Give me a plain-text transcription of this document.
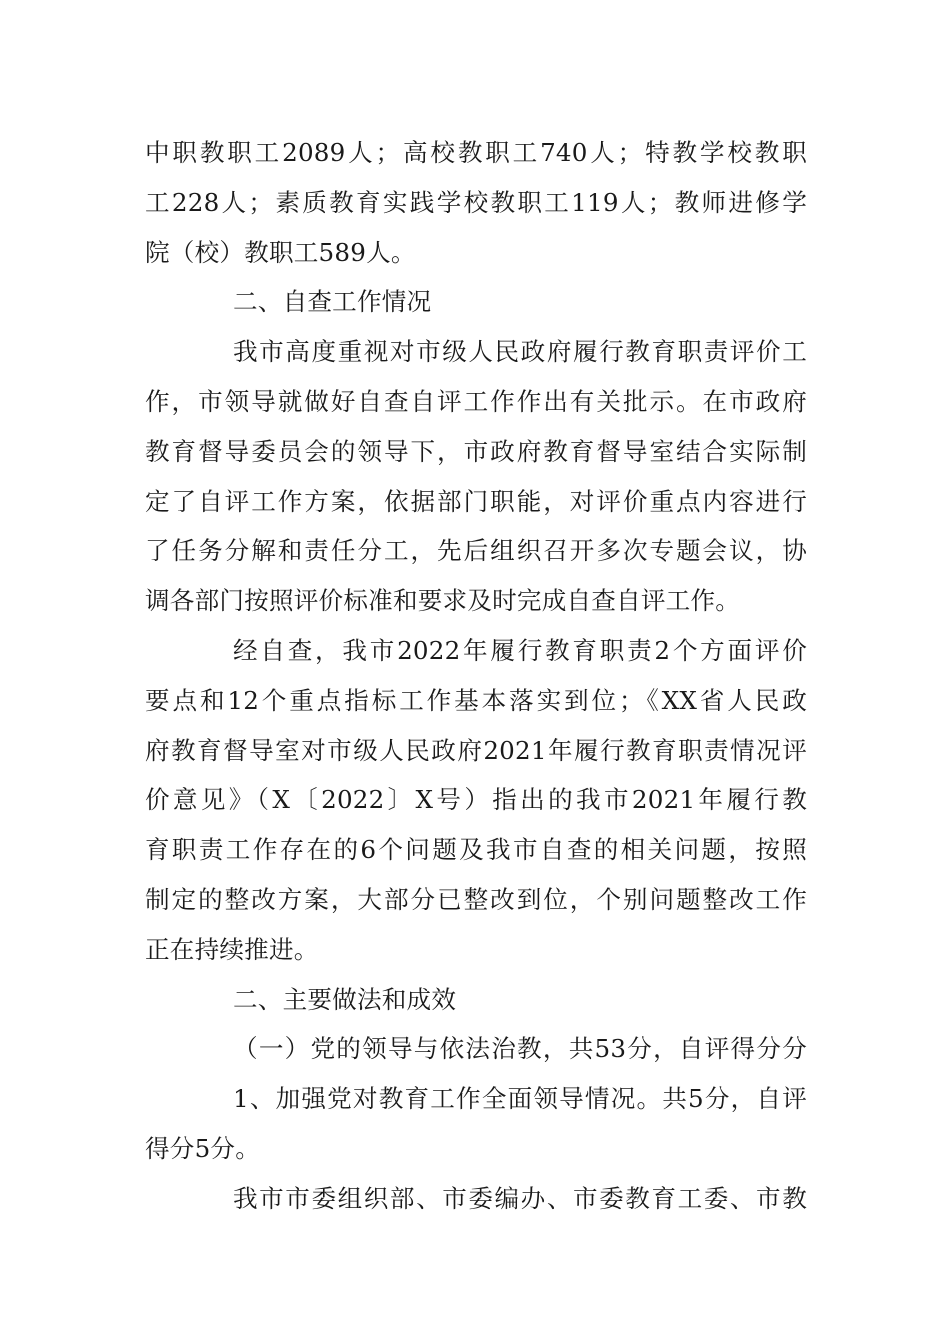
中职教职工2089人；高校教职工740人；特教学校教职
工228人；素质教育实践学校教职工119人；教师进修学
院（校）教职工589人。
二、自查工作情况
我市高度重视对市级人民政府履行教育职责评价工
作，市领导就做好自查自评工作作出有关批示。在市政府
教育督导委员会的领导下，市政府教育督导室结合实际制
定了自评工作方案，依据部门职能，对评价重点内容进行
了任务分解和责任分工，先后组织召开多次专题会议，协
调各部门按照评价标准和要求及时完成自查自评工作。
经自查，我市2022年履行教育职责2个方面评价
要点和12个重点指标工作基本落实到位；《XX省人民政
府教育督导室对市级人民政府2021年履行教育职责情况评
价意见》（X〔2022〕X号）指出的我市2021年履行教
育职责工作存在的6个问题及我市自查的相关问题，按照
制定的整改方案，大部分已整改到位，个别问题整改工作
正在持续推进。
二、主要做法和成效
（一）党的领导与依法治教，共53分，自评得分分
1、加强党对教育工作全面领导情况。共5分，自评
得分5分。
我市市委组织部、市委编办、市委教育工委、市教
